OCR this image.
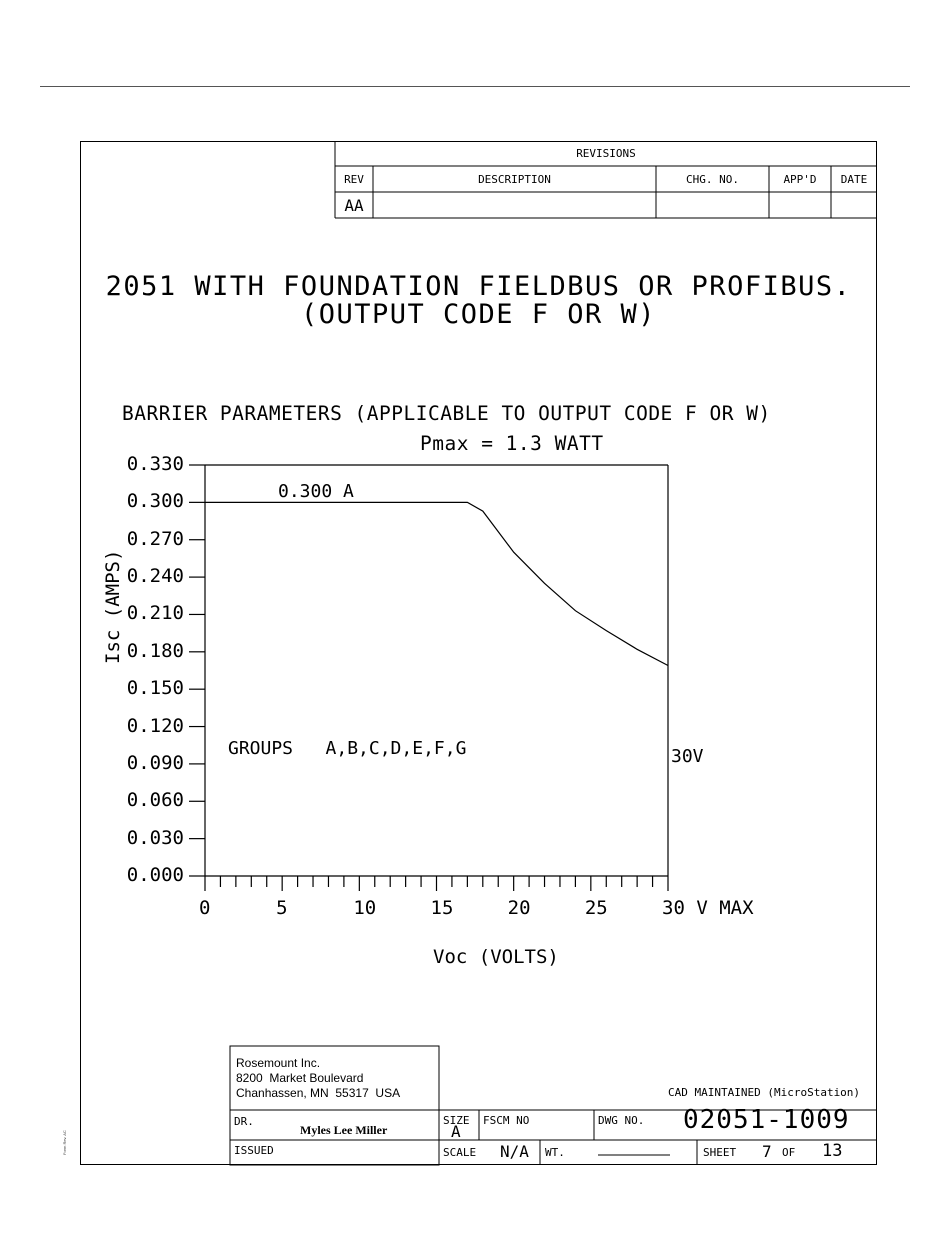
REVISIONS
REV	DESCRIPTION	CHG. NO.	APP'D	DATE
AA
2051 WITH FOUNDATION FIELDBUS OR PROFIBUS.
(OUTPUT CODE F OR W)
BARRIER PARAMETERS (APPLICABLE TO OUTPUT CODE F OR W)
Pmax = 1.3 WATT
0.000
0.030
0.060
0.090
0.120
0.150
0.180
0.210
0.240
0.270
0.300
0.330
0	5	10	15	20	25	30 V MAX
Isc (AMPS)
Voc (VOLTS)
0.300 A
GROUPS   A,B,C,D,E,F,G	30V
Rosemount Inc.
8200  Market Boulevard
Chanhassen, MN  55317  USA	CAD MAINTAINED (MicroStation)
DR.
Myles Lee Miller
ISSUED
SIZE
A
FSCM NO	DWG NO. 02051-1009
SCALE N/A WT.	SHEET 7 OF 13
Form Rev. AC
